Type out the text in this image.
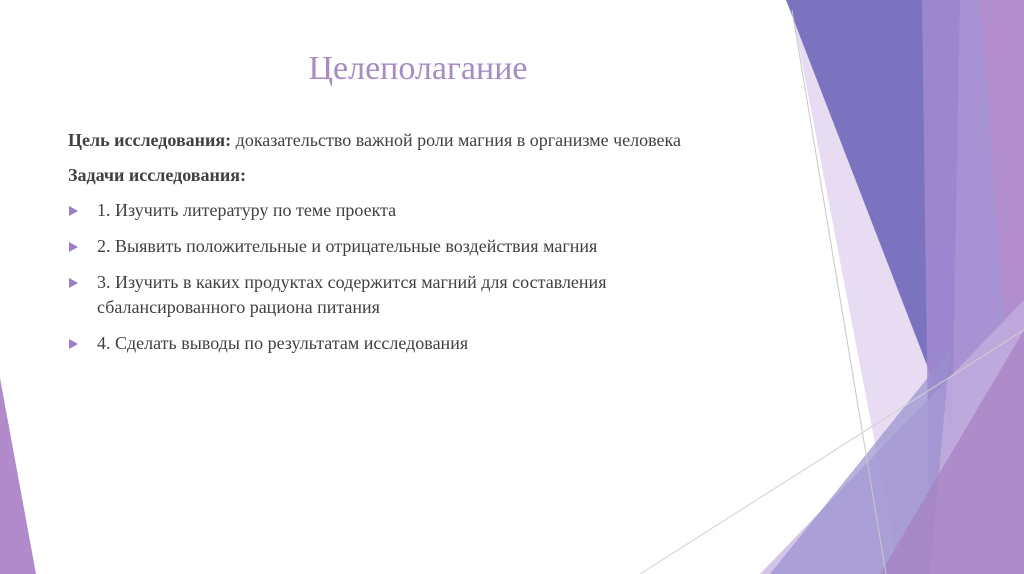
Целеполагание

Цель исследования: доказательство важной роли магния в организме человека

Задачи исследования:

1. Изучить литературу по теме проекта
2. Выявить положительные и отрицательные воздействия магния
3. Изучить в каких продуктах содержится магний для составления сбалансированного рациона питания
4. Сделать выводы по результатам исследования
